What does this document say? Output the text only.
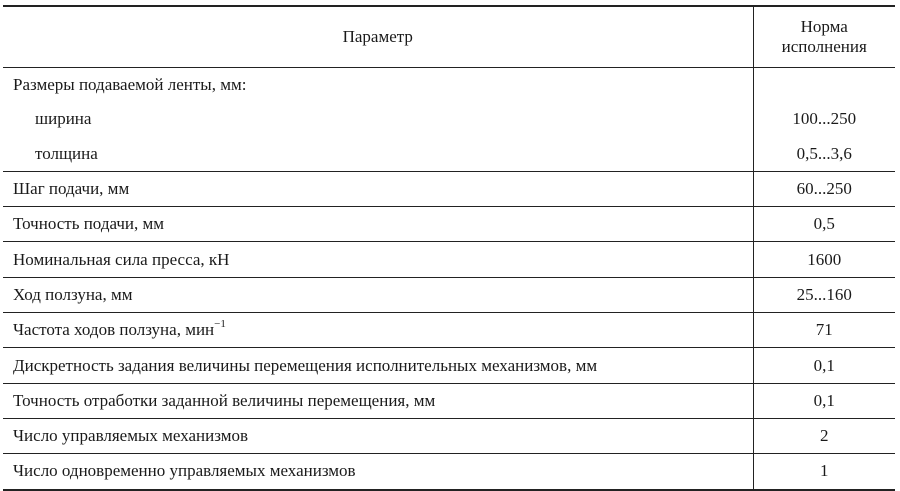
Параметр	Норма
исполнения
Размеры подаваемой ленты, мм:	
ширина	100...250
толщина	0,5...3,6
Шаг подачи, мм	60...250
Точность подачи, мм	0,5
Номинальная сила пресса, кН	1600
Ход ползуна, мм	25...160
Частота ходов ползуна, мин$^{-1}$	71
Дискретность задания величины перемещения исполнительных механизмов, мм	0,1
Точность отработки заданной величины перемещения, мм	0,1
Число управляемых механизмов	2
Число одновременно управляемых механизмов	1
